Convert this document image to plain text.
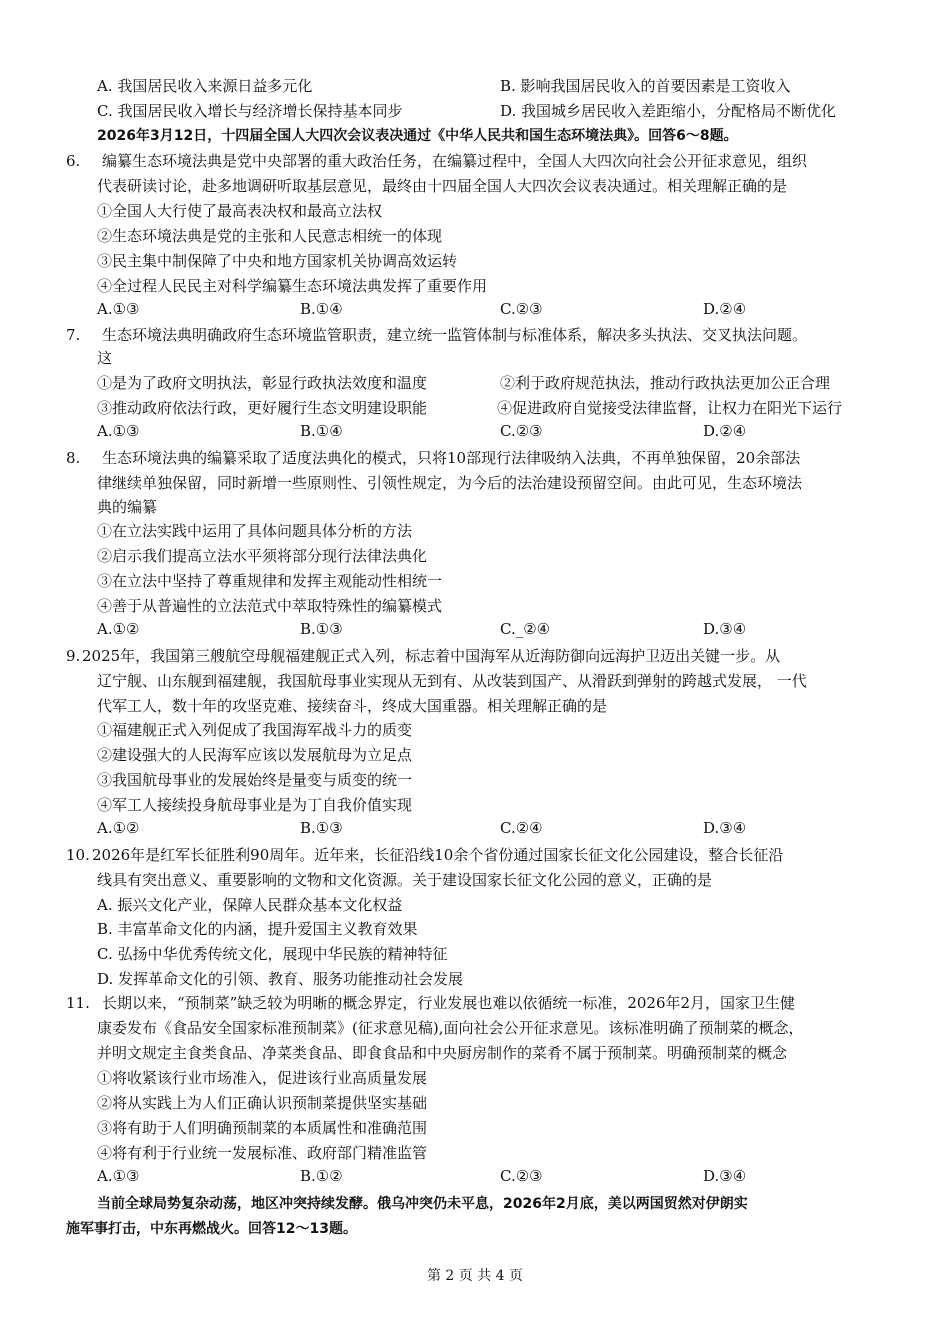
A. 我国居民收入来源日益多元化	B. 影响我国居民收入的首要因素是工资收入
C. 我国居民收入增长与经济增长保持基本同步	D. 我国城乡居民收入差距缩小，分配格局不断优化
2026年3月12日，十四届全国人大四次会议表决通过《中华人民共和国生态环境法典》。回答6～8题。
6. 编纂生态环境法典是党中央部署的重大政治任务，在编纂过程中，全国人大四次向社会公开征求意见，组织
代表研读讨论，赴多地调研听取基层意见，最终由十四届全国人大四次会议表决通过。相关理解正确的是
①全国人大行使了最高表决权和最高立法权
②生态环境法典是党的主张和人民意志相统一的体现
③民主集中制保障了中央和地方国家机关协调高效运转
④全过程人民民主对科学编纂生态环境法典发挥了重要作用
A.①③	B.①④	C.②③	D.②④
7. 生态环境法典明确政府生态环境监管职责，建立统一监管体制与标准体系，解决多头执法、交叉执法问题。
这
①是为了政府文明执法，彰显行政执法效度和温度	②利于政府规范执法，推动行政执法更加公正合理
③推动政府依法行政，更好履行生态文明建设职能	④促进政府自觉接受法律监督，让权力在阳光下运行
A.①③	B.①④	C.②③	D.②④
8. 生态环境法典的编纂采取了适度法典化的模式，只将10部现行法律吸纳入法典，不再单独保留，20余部法
律继续单独保留，同时新增一些原则性、引领性规定，为今后的法治建设预留空间。由此可见，生态环境法
典的编纂
①在立法实践中运用了具体问题具体分析的方法
②启示我们提高立法水平须将部分现行法律法典化
③在立法中坚持了尊重规律和发挥主观能动性相统一
④善于从普遍性的立法范式中萃取特殊性的编纂模式
A.①②	B.①③	C._②④	D.③④
9. 2025年，我国第三艘航空母舰福建舰正式入列，标志着中国海军从近海防御向远海护卫迈出关键一步。从
辽宁舰、山东舰到福建舰，我国航母事业实现从无到有、从改装到国产、从滑跃到弹射的跨越式发展， 一代
代军工人，数十年的攻坚克难、接续奋斗，终成大国重器。相关理解正确的是
①福建舰正式入列促成了我国海军战斗力的质变
②建设强大的人民海军应该以发展航母为立足点
③我国航母事业的发展始终是量变与质变的统一
④军工人接续投身航母事业是为丁自我价值实现
A.①②	B.①③	C.②④	D.③④
10. 2026年是红军长征胜利90周年。近年来，长征沿线10余个省份通过国家长征文化公园建设，整合长征沿
线具有突出意义、重要影响的文物和文化资源。关于建设国家长征文化公园的意义，正确的是
A. 振兴文化产业，保障人民群众基本文化权益
B. 丰富革命文化的内涵，提升爱国主义教育效果
C. 弘扬中华优秀传统文化，展现中华民族的精神特征
D. 发挥革命文化的引领、教育、服务功能推动社会发展
11. 长期以来，“预制菜”缺乏较为明晰的概念界定，行业发展也难以依循统一标准，2026年2月，国家卫生健
康委发布《食品安全国家标准预制菜》(征求意见稿),面向社会公开征求意见。该标准明确了预制菜的概念，
并明文规定主食类食品、净菜类食品、即食食品和中央厨房制作的菜肴不属于预制菜。明确预制菜的概念
①将收紧该行业市场准入，促进该行业高质量发展
②将从实践上为人们正确认识预制菜提供坚实基础
③将有助于人们明确预制菜的本质属性和准确范围
④将有利于行业统一发展标准、政府部门精准监管
A.①③	B.①②	C.②③	D.③④
当前全球局势复杂动荡，地区冲突持续发酵。俄乌冲突仍未平息，2026年2月底，美以两国贸然对伊朗实
施军事打击，中东再燃战火。回答12～13题。
第 2 页 共 4 页
